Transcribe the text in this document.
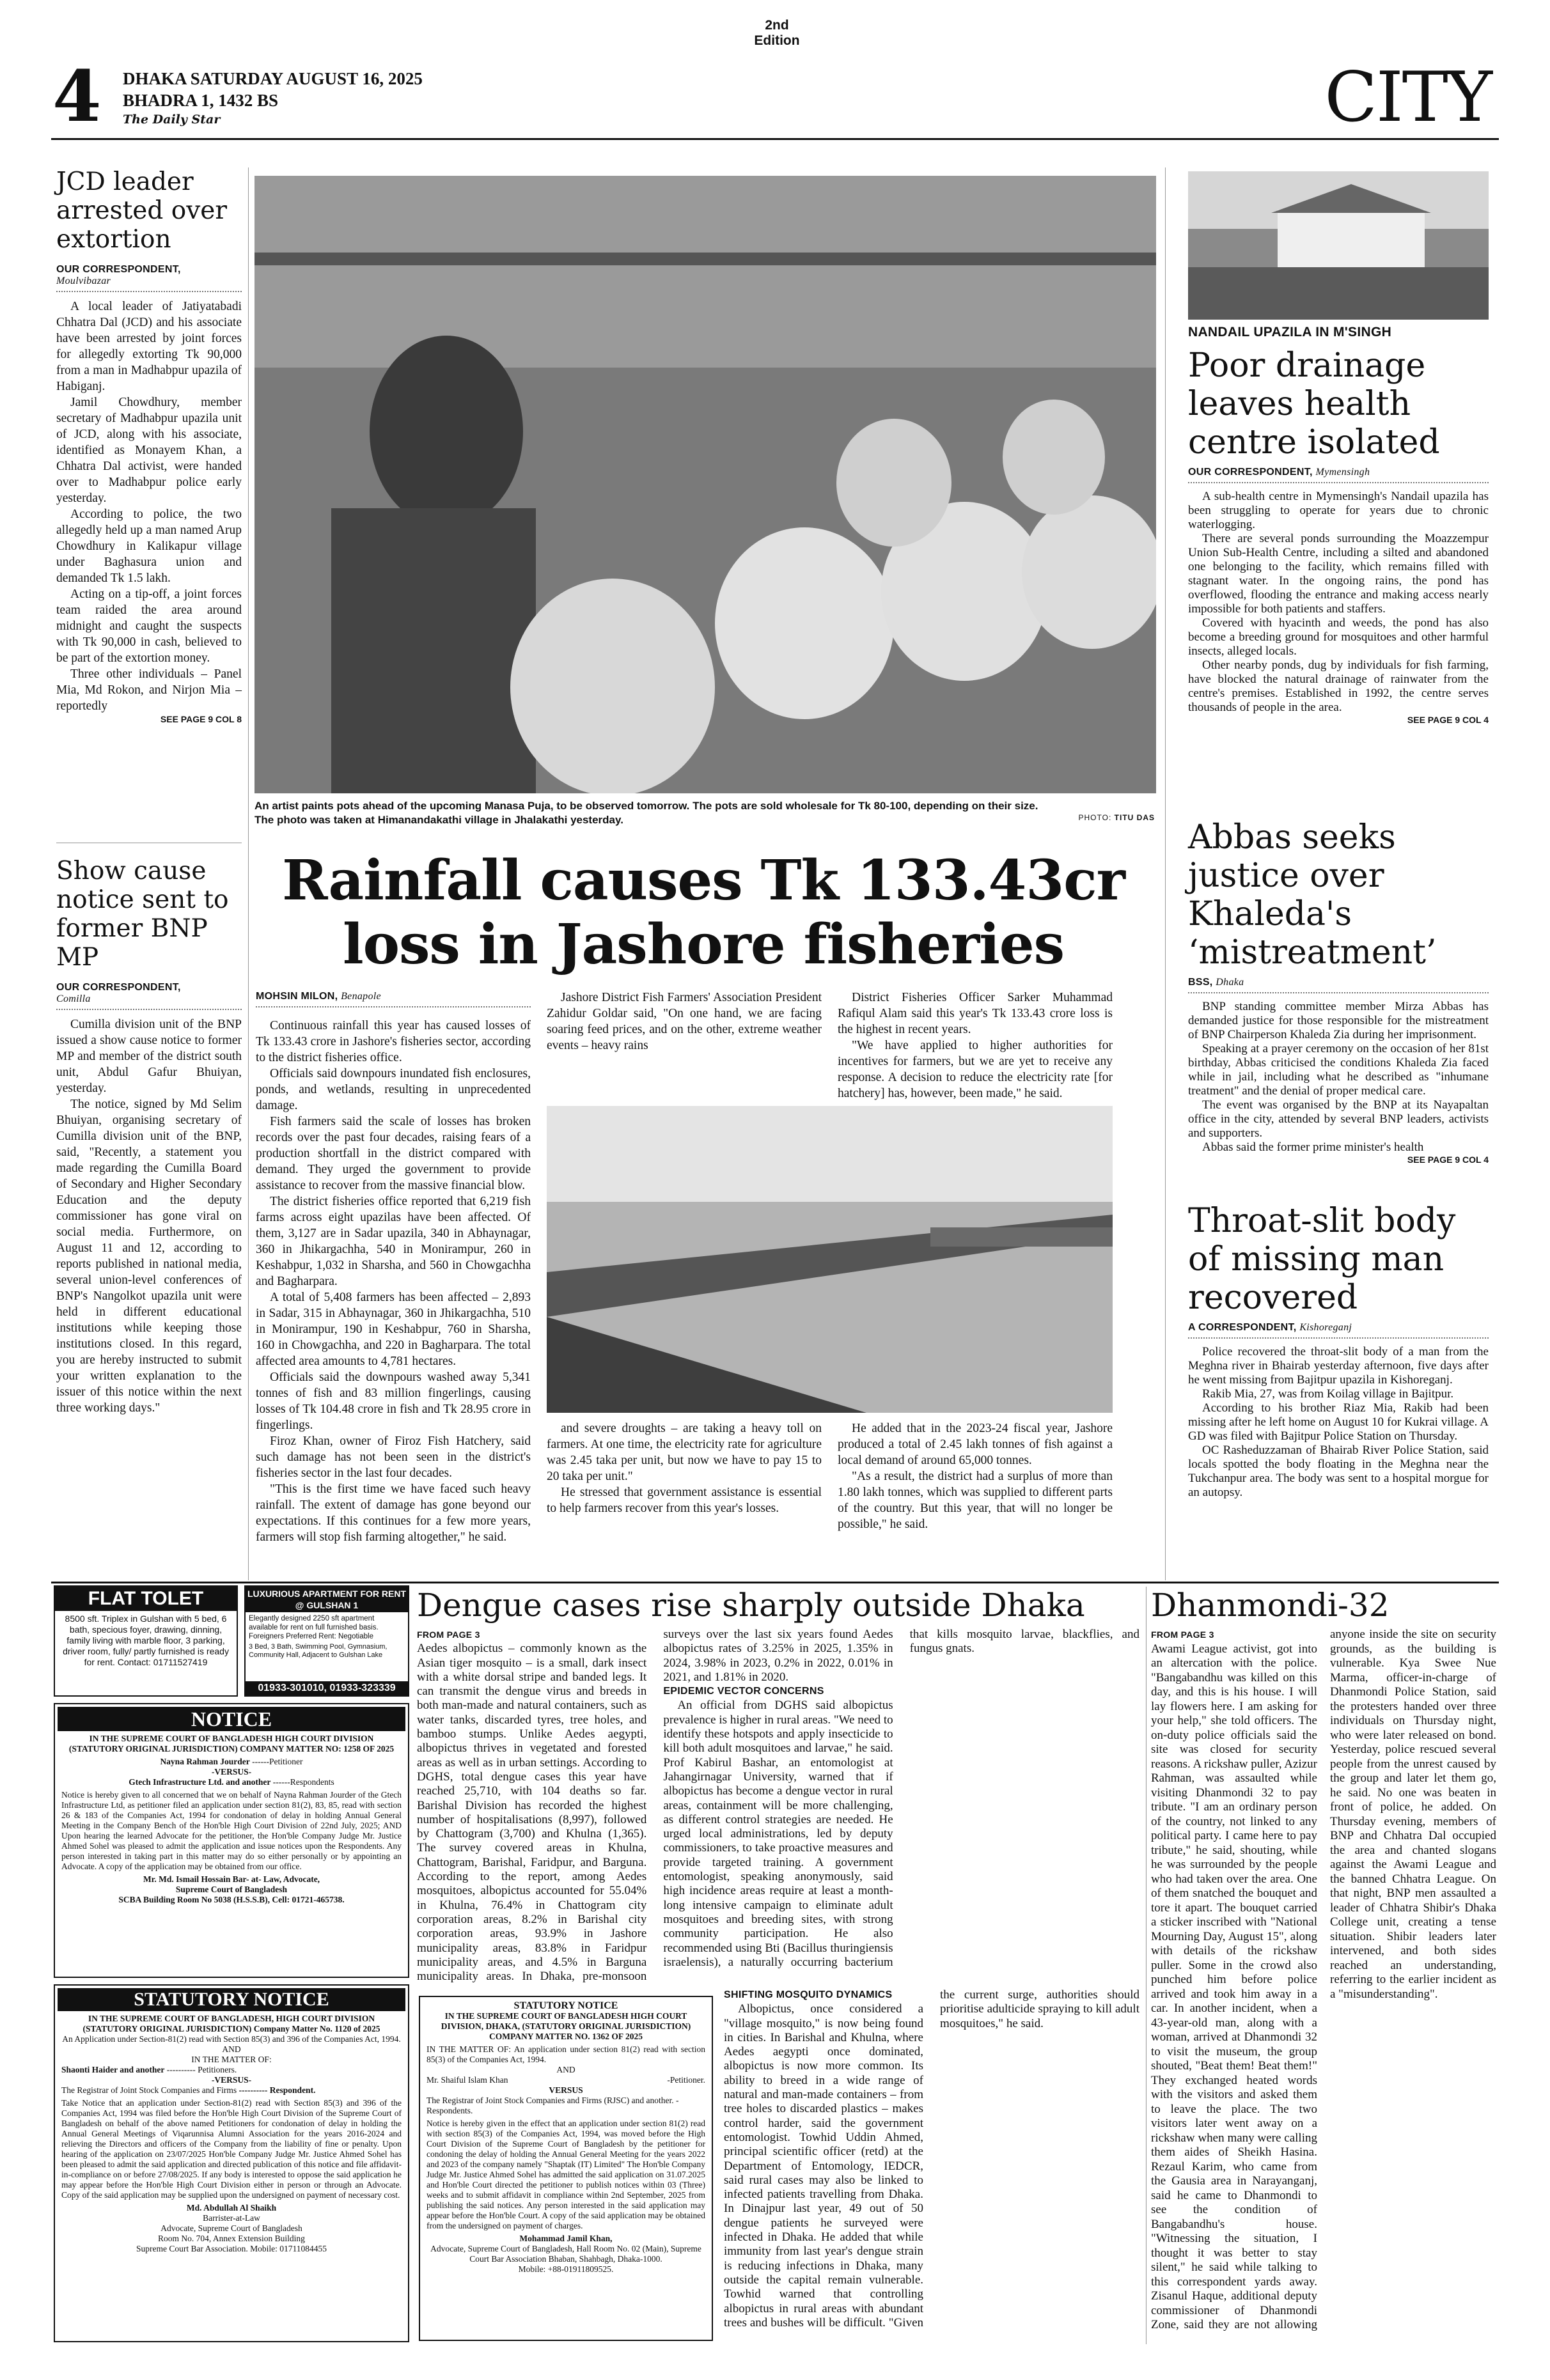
2nd Edition
4 DHAKA SATURDAY AUGUST 16, 2025
BHADRA 1, 1432 BS
The Daily Star	CITY
JCD leader arrested over extortion
OUR CORRESPONDENT,
Moulvibazar

A local leader of Jatiyatabadi Chhatra Dal (JCD) and his associate have been arrested by joint forces for allegedly extorting Tk 90,000 from a man in Madhabpur upazila of Habiganj.

Jamil Chowdhury, member secretary of Madhabpur upazila unit of JCD, along with his associate, identified as Monayem Khan, a Chhatra Dal activist, were handed over to Madhabpur police early yesterday.

According to police, the two allegedly held up a man named Arup Chowdhury in Kalikapur village under Baghasura union and demanded Tk 1.5 lakh.

Acting on a tip-off, a joint forces team raided the area around midnight and caught the suspects with Tk 90,000 in cash, believed to be part of the extortion money.

Three other individuals – Panel Mia, Md Rokon, and Nirjon Mia – reportedly

SEE PAGE 9 COL 8
Show cause notice sent to former BNP MP
OUR CORRESPONDENT,
Comilla

Cumilla division unit of the BNP issued a show cause notice to former MP and member of the district south unit, Abdul Gafur Bhuiyan, yesterday.

The notice, signed by Md Selim Bhuiyan, organising secretary of Cumilla division unit of the BNP, said, "Recently, a statement you made regarding the Cumilla Board of Secondary and Higher Secondary Education and the deputy commissioner has gone viral on social media. Furthermore, on August 11 and 12, according to reports published in national media, several union-level conferences of BNP's Nangolkot upazila unit were held in different educational institutions while keeping those institutions closed. In this regard, you are hereby instructed to submit your written explanation to the issuer of this notice within the next three working days."

An artist paints pots ahead of the upcoming Manasa Puja, to be observed tomorrow. The pots are sold wholesale for Tk 80-100, depending on their size. The photo was taken at Himanandakathi village in Jhalakathi yesterday.	PHOTO: TITU DAS
Rainfall causes Tk 133.43cr loss in Jashore fisheries
MOHSIN MILON, Benapole

Continuous rainfall this year has caused losses of Tk 133.43 crore in Jashore's fisheries sector, according to the district fisheries office.

Officials said downpours inundated fish enclosures, ponds, and wetlands, resulting in unprecedented damage.

Fish farmers said the scale of losses has broken records over the past four decades, raising fears of a production shortfall in the district compared with demand. They urged the government to provide assistance to recover from the massive financial blow.

The district fisheries office reported that 6,219 fish farms across eight upazilas have been affected. Of them, 3,127 are in Sadar upazila, 340 in Abhaynagar, 360 in Jhikargachha, 540 in Monirampur, 260 in Keshabpur, 1,032 in Sharsha, and 560 in Chowgachha and Bagharpara.

A total of 5,408 farmers has been affected – 2,893 in Sadar, 315 in Abhaynagar, 360 in Jhikargachha, 510 in Monirampur, 190 in Keshabpur, 760 in Sharsha, 160 in Chowgachha, and 220 in Bagharpara. The total affected area amounts to 4,781 hectares.

Officials said the downpours washed away 5,341 tonnes of fish and 83 million fingerlings, causing losses of Tk 104.48 crore in fish and Tk 28.95 crore in fingerlings.

Firoz Khan, owner of Firoz Fish Hatchery, said such damage has not been seen in the district's fisheries sector in the last four decades.

"This is the first time we have faced such heavy rainfall. The extent of damage has gone beyond our expectations. If this continues for a few more years, farmers will stop fish farming altogether," he said.

Jashore District Fish Farmers' Association President Zahidur Goldar said, "On one hand, we are facing soaring feed prices, and on the other, extreme weather events – heavy rains

District Fisheries Officer Sarker Muhammad Rafiqul Alam said this year's Tk 133.43 crore loss is the highest in recent years.

"We have applied to higher authorities for incentives for farmers, but we are yet to receive any response. A decision to reduce the electricity rate [for hatchery] has, however, been made," he said.

and severe droughts – are taking a heavy toll on farmers. At one time, the electricity rate for agriculture was 2.45 taka per unit, but now we have to pay 15 to 20 taka per unit."

He stressed that government assistance is essential to help farmers recover from this year's losses.

He added that in the 2023-24 fiscal year, Jashore produced a total of 2.45 lakh tonnes of fish against a local demand of around 65,000 tonnes.

"As a result, the district had a surplus of more than 1.80 lakh tonnes, which was supplied to different parts of the country. But this year, that will no longer be possible," he said.

NANDAIL UPAZILA IN M'SINGH
Poor drainage leaves health centre isolated
OUR CORRESPONDENT, Mymensingh

A sub-health centre in Mymensingh's Nandail upazila has been struggling to operate for years due to chronic waterlogging.

There are several ponds surrounding the Moazzempur Union Sub-Health Centre, including a silted and abandoned one belonging to the facility, which remains filled with stagnant water. In the ongoing rains, the pond has overflowed, flooding the entrance and making access nearly impossible for both patients and staffers.

Covered with hyacinth and weeds, the pond has also become a breeding ground for mosquitoes and other harmful insects, alleged locals.

Other nearby ponds, dug by individuals for fish farming, have blocked the natural drainage of rainwater from the centre's premises. Established in 1992, the centre serves thousands of people in the area.

SEE PAGE 9 COL 4
Abbas seeks justice over Khaleda's ‘mistreatment’
BSS, Dhaka

BNP standing committee member Mirza Abbas has demanded justice for those responsible for the mistreatment of BNP Chairperson Khaleda Zia during her imprisonment.

Speaking at a prayer ceremony on the occasion of her 81st birthday, Abbas criticised the conditions Khaleda Zia faced while in jail, including what he described as "inhumane treatment" and the denial of proper medical care.

The event was organised by the BNP at its Nayapaltan office in the city, attended by several BNP leaders, activists and supporters.

Abbas said the former prime minister's health

SEE PAGE 9 COL 4
Throat-slit body of missing man recovered
A CORRESPONDENT, Kishoreganj

Police recovered the throat-slit body of a man from the Meghna river in Bhairab yesterday afternoon, five days after he went missing from Bajitpur upazila in Kishoreganj.

Rakib Mia, 27, was from Koilag village in Bajitpur.

According to his brother Riaz Mia, Rakib had been missing after he left home on August 10 for Kukrai village. A GD was filed with Bajitpur Police Station on Thursday.

OC Rasheduzzaman of Bhairab River Police Station, said locals spotted the body floating in the Meghna near the Tukchanpur area. The body was sent to a hospital morgue for an autopsy.

FLAT TOLET
8500 sft. Triplex in Gulshan with 5 bed, 6 bath, specious foyer, drawing, dinning, family living with marble floor, 3 parking, driver room, fully/ partly furnished is ready for rent. Contact: 01711527419
LUXURIOUS APARTMENT FOR RENT @ GULSHAN 1
Elegantly designed 2250 sft apartment available for rent on full furnished basis. Foreigners Preferred Rent: Negotiable
3 Bed, 3 Bath, Swimming Pool, Gymnasium, Community Hall, Adjacent to Gulshan Lake
01933-301010, 01933-323339
NOTICE
IN THE SUPREME COURT OF BANGLADESH HIGH COURT DIVISION (STATUTORY ORIGINAL JURISDICTION) COMPANY MATTER NO: 1258 OF 2025
Nayna Rahman Jourder ------Petitioner
-VERSUS-
Gtech Infrastructure Ltd. and another ------Respondents
Notice is hereby given to all concerned that we on behalf of Nayna Rahman Jourder of the Gtech Infrastructure Ltd, as petitioner filed an application under section 81(2), 83, 85, read with section 26 & 183 of the Companies Act, 1994 for condonation of delay in holding Annual General Meeting in the Company Bench of the Hon'ble High Court Division of 22nd July, 2025; AND Upon hearing the learned Advocate for the petitioner, the Hon'ble Company Judge Mr. Justice Ahmed Sohel was pleased to admit the application and issue notices upon the Respondents. Any person interested in taking part in this matter may do so either personally or by appointing an Advocate. A copy of the application may be obtained from our office.
Mr. Md. Ismail Hossain Bar- at- Law, Advocate,
Supreme Court of Bangladesh
SCBA Building Room No 5038 (H.S.S.B), Cell: 01721-465738.
STATUTORY NOTICE
IN THE SUPREME COURT OF BANGLADESH, HIGH COURT DIVISION (STATUTORY ORIGINAL JURISDICTION) Company Matter No. 1120 of 2025
An Application under Section-81(2) read with Section 85(3) and 396 of the Companies Act, 1994.
AND
IN THE MATTER OF:
Shaonti Haider and another ---------- Petitioners.
-VERSUS-
The Registrar of Joint Stock Companies and Firms ---------- Respondent.
Take Notice that an application under Section-81(2) read with Section 85(3) and 396 of the Companies Act, 1994 was filed before the Hon'ble High Court Division of the Supreme Court of Bangladesh on behalf of the above named Petitioners for condonation of delay in holding the Annual General Meetings of Viqarunnisa Alumni Association for the years 2016-2024 and relieving the Directors and officers of the Company from the liability of fine or penalty. Upon hearing of the application on 23/07/2025 Hon'ble Company Judge Mr. Justice Ahmed Sohel has been pleased to admit the said application and directed publication of this notice and file affidavit-in-compliance on or before 27/08/2025. If any body is interested to oppose the said application he may appear before the Hon'ble High Court Division either in person or through an Advocate. Copy of the said application may be supplied upon the undersigned on payment of necessary cost.
Md. Abdullah Al Shaikh
Barrister-at-Law
Advocate, Supreme Court of Bangladesh
Room No. 704, Annex Extension Building
Supreme Court Bar Association. Mobile: 01711084455
Dengue cases rise sharply outside Dhaka
FROM PAGE 3

Aedes albopictus – commonly known as the Asian tiger mosquito – is a small, dark insect with a white dorsal stripe and banded legs. It can transmit the dengue virus and breeds in both man-made and natural containers, such as water tanks, discarded tyres, tree holes, and bamboo stumps. Unlike Aedes aegypti, albopictus thrives in vegetated and forested areas as well as in urban settings. According to DGHS, total dengue cases this year have reached 25,710, with 104 deaths so far. Barishal Division has recorded the highest number of hospitalisations (8,997), followed by Chattogram (3,700) and Khulna (1,365). The survey covered areas in Khulna, Chattogram, Barishal, Faridpur, and Barguna. According to the report, among Aedes mosquitoes, albopictus accounted for 55.04% in Khulna, 76.4% in Chattogram city corporation areas, 8.2% in Barishal city corporation areas, 93.9% in Jashore municipality areas, 83.8% in Faridpur municipality areas, and 4.5% in Barguna municipality areas. In Dhaka, pre-monsoon surveys over the last six years found Aedes albopictus rates of 3.25% in 2025, 1.35% in 2024, 3.98% in 2023, 0.2% in 2022, 0.01% in 2021, and 1.81% in 2020.

EPIDEMIC VECTOR CONCERNS

An official from DGHS said albopictus prevalence is higher in rural areas. "We need to identify these hotspots and apply insecticide to kill both adult mosquitoes and larvae," he said. Prof Kabirul Bashar, an entomologist at Jahangirnagar University, warned that if albopictus has become a dengue vector in rural areas, containment will be more challenging, as different control strategies are needed. He urged local administrations, led by deputy commissioners, to take proactive measures and provide targeted training. A government entomologist, speaking anonymously, said high incidence areas require at least a month-long intensive campaign to eliminate adult mosquitoes and breeding sites, with strong community participation. He also recommended using Bti (Bacillus thuringiensis israelensis), a naturally occurring bacterium that kills mosquito larvae, blackflies, and fungus gnats.

STATUTORY NOTICE
IN THE SUPREME COURT OF BANGLADESH HIGH COURT DIVISION, DHAKA, (STATUTORY ORIGINAL JURISDICTION) COMPANY MATTER NO. 1362 OF 2025
IN THE MATTER OF: An application under section 81(2) read with section 85(3) of the Companies Act, 1994.
AND
Mr. Shaiful Islam Khan	-Petitioner.
VERSUS
The Registrar of Joint Stock Companies and Firms (RJSC) and another. -Respondents.
Notice is hereby given in the effect that an application under section 81(2) read with section 85(3) of the Companies Act, 1994, was moved before the High Court Division of the Supreme Court of Bangladesh by the petitioner for condoning the delay of holding the Annual General Meeting for the years 2022 and 2023 of the company namely "Shaptak (IT) Limited" The Hon'ble Company Judge Mr. Justice Ahmed Sohel has admitted the said application on 31.07.2025 and Hon'ble Court directed the petitioner to publish notices within 03 (Three) weeks and to submit affidavit in compliance within 2nd September, 2025 from publishing the said notices. Any person interested in the said application may appear before the Hon'ble Court. A copy of the said application may be obtained from the undersigned on payment of charges.
Mohammad Jamil Khan,
Advocate, Supreme Court of Bangladesh, Hall Room No. 02 (Main), Supreme Court Bar Association Bhaban, Shahbagh, Dhaka-1000.
Mobile: +88-01911809525.
SHIFTING MOSQUITO DYNAMICS

Albopictus, once considered a "village mosquito," is now being found in cities. In Barishal and Khulna, where Aedes aegypti once dominated, albopictus is now more common. Its ability to breed in a wide range of natural and man-made containers – from tree holes to discarded plastics – makes control harder, said the government entomologist. Towhid Uddin Ahmed, principal scientific officer (retd) at the Department of Entomology, IEDCR, said rural cases may also be linked to infected patients travelling from Dhaka. In Dinajpur last year, 49 out of 50 dengue patients he surveyed were infected in Dhaka. He added that while immunity from last year's dengue strain is reducing infections in Dhaka, many outside the capital remain vulnerable. Towhid warned that controlling albopictus in rural areas with abundant trees and bushes will be difficult. "Given the current surge, authorities should prioritise adulticide spraying to kill adult mosquitoes," he said.

Dhanmondi-32
FROM PAGE 3

Awami League activist, got into an altercation with the police. "Bangabandhu was killed on this day, and this is his house. I will lay flowers here. I am asking for your help," she told officers. The on-duty police officials said the site was closed for security reasons. A rickshaw puller, Azizur Rahman, was assaulted while visiting Dhanmondi 32 to pay tribute. "I am an ordinary person of the country, not linked to any political party. I came here to pay tribute," he said, shouting, while he was surrounded by the people who had taken over the area. One of them snatched the bouquet and tore it apart. The bouquet carried a sticker inscribed with "National Mourning Day, August 15", along with details of the rickshaw puller. Some in the crowd also punched him before police arrived and took him away in a car. In another incident, when a 43-year-old man, along with a woman, arrived at Dhanmondi 32 to visit the museum, the group shouted, "Beat them! Beat them!" They exchanged heated words with the visitors and asked them to leave the place. The two visitors later went away on a rickshaw when many were calling them aides of Sheikh Hasina. Rezaul Karim, who came from the Gausia area in Narayanganj, said he came to Dhanmondi to see the condition of Bangabandhu's house. "Witnessing the situation, I thought it was better to stay silent," he said while talking to this correspondent yards away. Zisanul Haque, additional deputy commissioner of Dhanmondi Zone, said they are not allowing anyone inside the site on security grounds, as the building is vulnerable. Kya Swee Nue Marma, officer-in-charge of Dhanmondi Police Station, said the protesters handed over three individuals on Thursday night, who were later released on bond. Yesterday, police rescued several people from the unrest caused by the group and later let them go, he said. No one was beaten in front of police, he added. On Thursday evening, members of BNP and Chhatra Dal occupied the area and chanted slogans against the Awami League and the banned Chhatra League. On that night, BNP men assaulted a leader of Chhatra Shibir's Dhaka College unit, creating a tense situation. Shibir leaders later intervened, and both sides reached an understanding, referring to the earlier incident as a "misunderstanding".
